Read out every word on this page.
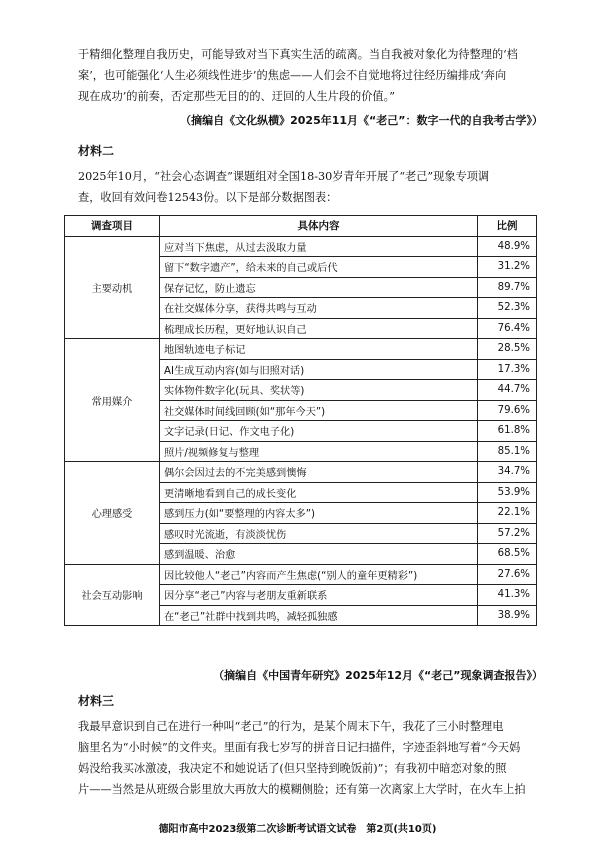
于精细化整理自我历史，可能导致对当下真实生活的疏离。当自我被对象化为待整理的‘档
案’，也可能强化‘人生必须线性进步’的焦虑——人们会不自觉地将过往经历编排成‘奔向
现在成功’的前奏，否定那些无目的的、迂回的人生片段的价值。”
（摘编自《文化纵横》2025年11月《“老己”：数字一代的自我考古学》）
材料二
2025年10月，“社会心态调查”课题组对全国18-30岁青年开展了“老己”现象专项调
查，收回有效问卷12543份。以下是部分数据图表：
调查项目	具体内容	比例
主要动机	应对当下焦虑，从过去汲取力量	48.9%
	留下“数字遗产”，给未来的自己或后代	31.2%
	保存记忆，防止遗忘	89.7%
	在社交媒体分享，获得共鸣与互动	52.3%
	梳理成长历程，更好地认识自己	76.4%
常用媒介	地图轨迹电子标记	28.5%
	AI生成互动内容(如与旧照对话)	17.3%
	实体物件数字化(玩具、奖状等)	44.7%
	社交媒体时间线回顾(如“那年今天”)	79.6%
	文字记录(日记、作文电子化)	61.8%
	照片/视频修复与整理	85.1%
心理感受	偶尔会因过去的不完美感到懊悔	34.7%
	更清晰地看到自己的成长变化	53.9%
	感到压力(如“要整理的内容太多”)	22.1%
	感叹时光流逝，有淡淡忧伤	57.2%
	感到温暖、治愈	68.5%
社会互动影响	因比较他人“老己”内容而产生焦虑(“别人的童年更精彩”)	27.6%
	因分享“老己”内容与老朋友重新联系	41.3%
	在“老己”社群中找到共鸣，减轻孤独感	38.9%
（摘编自《中国青年研究》2025年12月《“老己”现象调查报告》）
材料三
我最早意识到自己在进行一种叫“老己”的行为，是某个周末下午，我花了三小时整理电
脑里名为“小时候”的文件夹。里面有我七岁写的拼音日记扫描件，字迹歪斜地写着“今天妈
妈没给我买冰激凌，我决定不和她说话了(但只坚持到晚饭前)”；有我初中暗恋对象的照
片——当然是从班级合影里放大再放大的模糊侧脸；还有第一次离家上大学时，在火车上拍
德阳市高中2023级第二次诊断考试语文试卷　第2页(共10页)
